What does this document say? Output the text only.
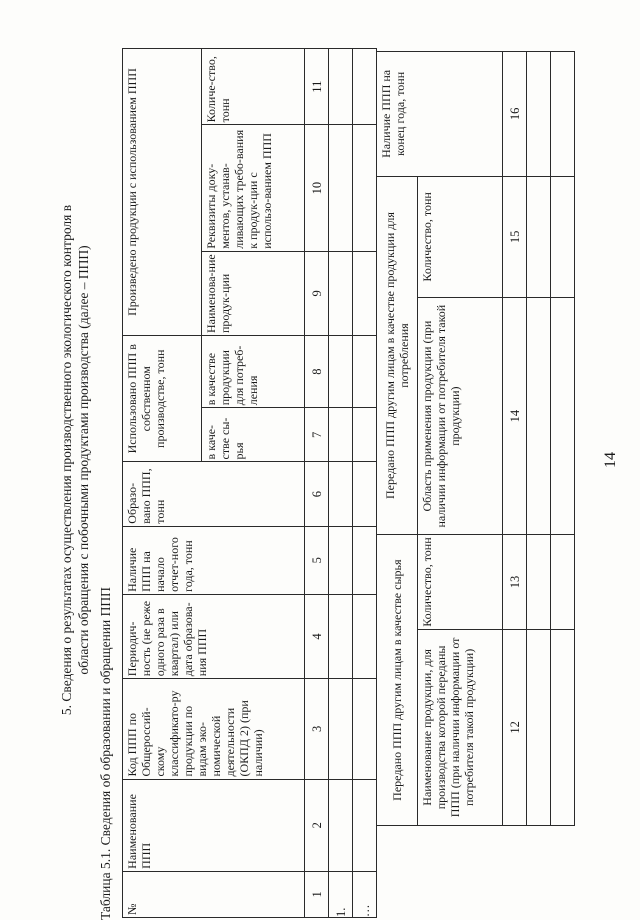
14
5. Сведения о результатах осуществления производственного экологического контроля в области обращения с побочными продуктами производства (далее – ППП)
Таблица 5.1. Сведения об образовании и обращении ППП №	Наименование ППП	Код ППП по Общероссий-скому классификато-ру продукции по видам эко-номической деятельности (ОКПД 2) (при наличии)	Периодич-ность (не реже одного раза в квартал) или дата образова-ния ППП	Наличие ППП на начало отчет-ного года, тонн	Образо-вано ППП, тонн	Использовано ППП в собственном производстве, тонн		Произведено продукции с использованием ППП		
						в каче-стве сы-рья	в качестве продукции для потреб-ления	Наименова-ние продук-ции	Реквизиты доку-ментов, устанав-ливающих требо-вания к продук-ции с использо-ванием ППП	Количе-ство, тонн
1	2	3	4	5	6	7	8	9	10	11
1.										
…										
Передано ППП другим лицам в качестве сырья		Передано ППП другим лицам в качестве продукции для потребления		Наличие ППП на конец года, тонн
Наименование продукции, для производства которой переданы ППП (при наличии информации от потребителя такой продукции)	Количество, тонн	Область применения продукции (при наличии информации от потребителя такой продукции)	Количество, тонн	
12	13	14	15	16
